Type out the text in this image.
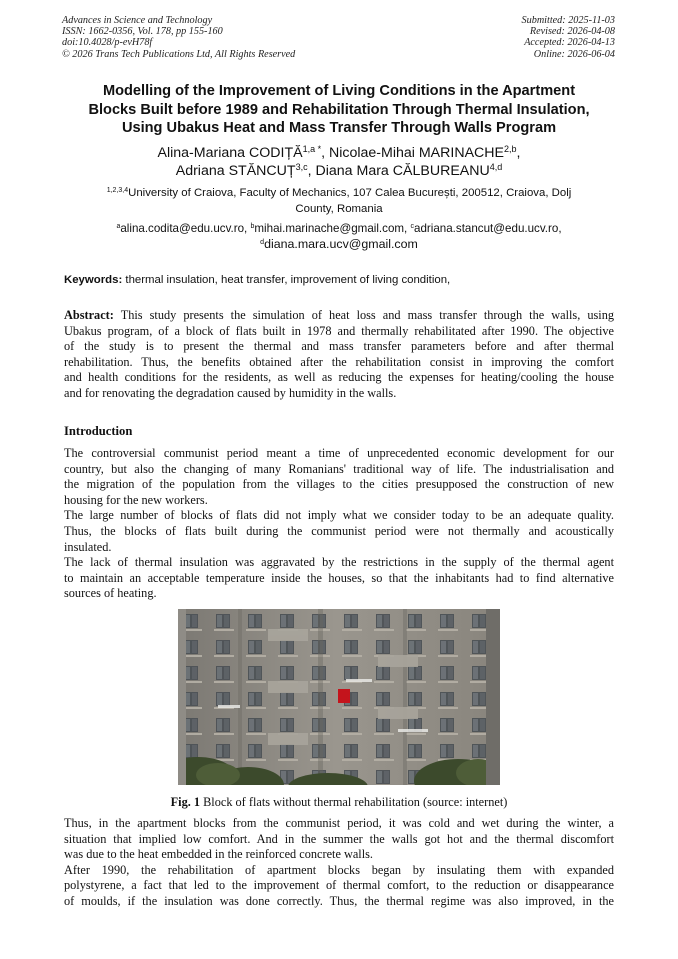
Advances in Science and Technology
ISSN: 1662-0356, Vol. 178, pp 155-160
doi:10.4028/p-evH78f
© 2026 Trans Tech Publications Ltd, All Rights Reserved
Submitted: 2025-11-03
Revised: 2026-04-08
Accepted: 2026-04-13
Online: 2026-06-04
Modelling of the Improvement of Living Conditions in the Apartment
Blocks Built before 1989 and Rehabilitation Through Thermal Insulation,
Using Ubakus Heat and Mass Transfer Through Walls Program
Alina-Mariana $CODIȚĂ^{1,a *}$, Nicolae-Mihai MARINACHE$^{2,b}$,
Adriana STĂNCUȚ$^{3,c}$, Diana Mara CĂLBUREANU$^{4,d}$
$^{1,2,3,4}$University of Craiova, Faculty of Mechanics, 107 Calea București, 200512, Craiova, Dolj
County, Romania
$^a$alina.codita@edu.ucv.ro, $^b$mihai.marinache@gmail.com, $^c$adriana.stancut@edu.ucv.ro,
$^d$diana.mara.ucv@gmail.com
Keywords: thermal insulation, heat transfer, improvement of living condition,
Abstract: This study presents the simulation of heat loss and mass transfer through the walls, using
Ubakus program, of a block of flats built in 1978 and thermally rehabilitated after 1990. The objective
of the study is to present the thermal and mass transfer parameters before and after thermal
rehabilitation. Thus, the benefits obtained after the rehabilitation consist in improving the comfort
and health conditions for the residents, as well as reducing the expenses for heating/cooling the house
and for renovating the degradation caused by humidity in the walls.
Introduction
The controversial communist period meant a time of unprecedented economic development for our
country, but also the changing of many Romanians' traditional way of life. The industrialisation and
the migration of the population from the villages to the cities presupposed the construction of new
housing for the new workers.
The large number of blocks of flats did not imply what we consider today to be an adequate quality.
Thus, the blocks of flats built during the communist period were not thermally and acoustically
insulated.
The lack of thermal insulation was aggravated by the restrictions in the supply of the thermal agent
to maintain an acceptable temperature inside the houses, so that the inhabitants had to find alternative
sources of heating.
Fig. 1 Block of flats without thermal rehabilitation (source: internet)
Thus, in the apartment blocks from the communist period, it was cold and wet during the winter, a
situation that implied low comfort. And in the summer the walls got hot and the thermal discomfort
was due to the heat embedded in the reinforced concrete walls.
After 1990, the rehabilitation of apartment blocks began by insulating them with expanded
polystyrene, a fact that led to the improvement of thermal comfort, to the reduction or disappearance
of moulds, if the insulation was done correctly. Thus, the thermal regime was also improved, in the
